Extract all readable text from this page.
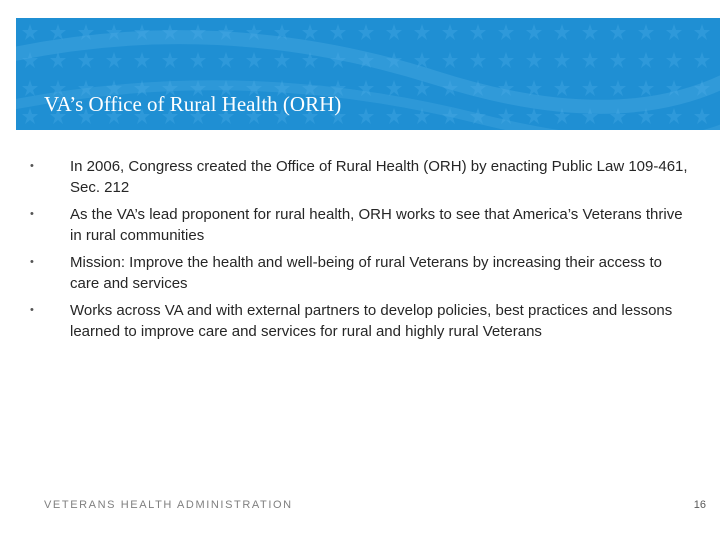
VA’s Office of Rural Health (ORH)
•	In 2006, Congress created the Office of Rural Health (ORH) by enacting Public Law 109-461, Sec. 212
•	As the VA’s lead proponent for rural health, ORH works to see that America’s Veterans thrive in rural communities
•	Mission: Improve the health and well-being of rural Veterans by increasing their access to care and services
•	Works across VA and with external partners to develop policies, best practices and lessons learned to improve care and services for rural and highly rural Veterans
VETERANS HEALTH ADMINISTRATION	16
